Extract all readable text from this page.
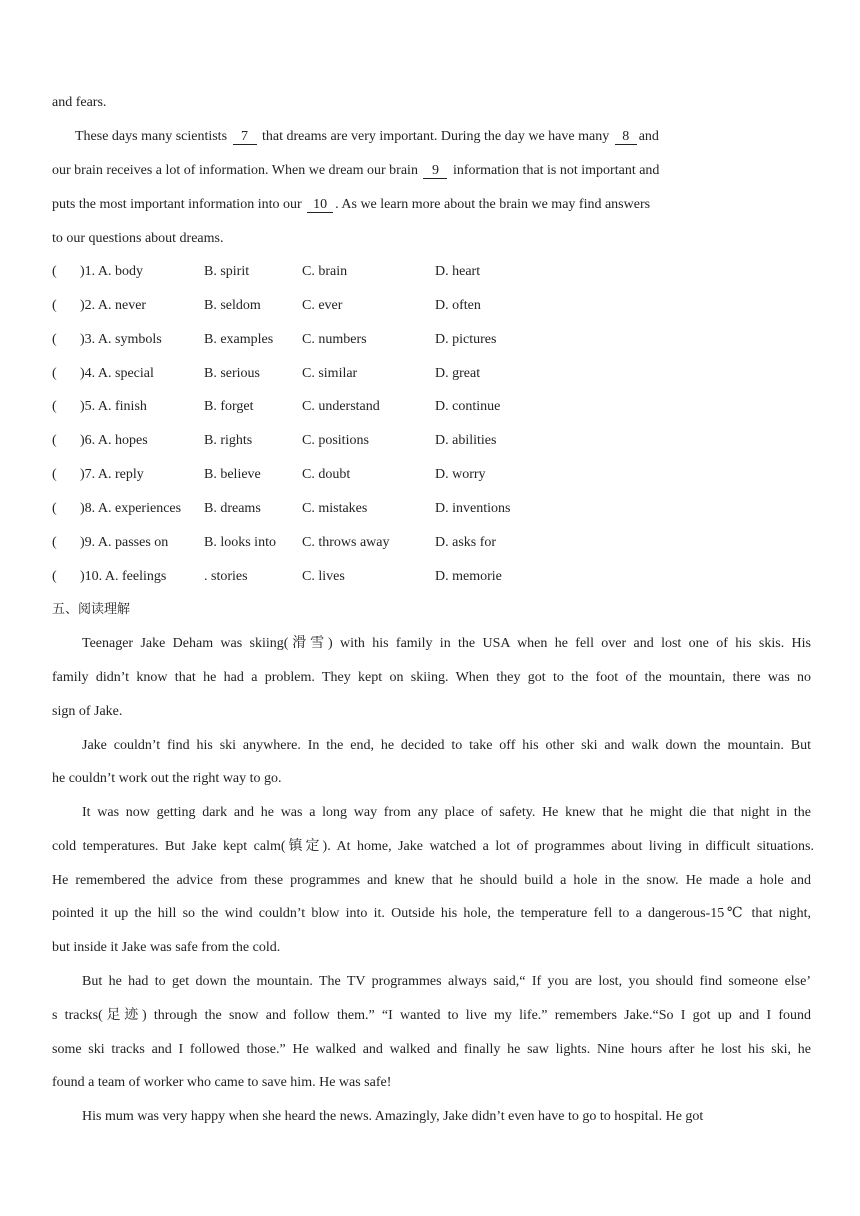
and fears.
These days many scientists 7 that dreams are very important. During the day we have many 8 and
our brain receives a lot of information. When we dream our brain 9 information that is not important and
puts the most important information into our 10 . As we learn more about the brain we may find answers
to our questions about dreams.
( )1. A. body	B. spirit	C. brain	D. heart
( )2. A. never	B. seldom	C. ever	D. often
( )3. A. symbols	B. examples C. numbers	D. pictures
( )4. A. special	B. serious	C. similar	D. great
( )5. A. finish	B. forget	C. understand	D. continue
( )6. A. hopes	B. rights	C. positions	D. abilities
( )7. A. reply	B. believe	C. doubt	D. worry
( )8. A. experiences B. dreams	C. mistakes	D. inventions
( )9. A. passes on	B. looks into C. throws away	D. asks for
( )10. A. feelings	. stories	C. lives	D. memorie
五、阅读理解
Teenager Jake Deham was skiing(滑雪) with his family in the USA when he fell over and lost one of his skis. His
family didn’t know that he had a problem. They kept on skiing. When they got to the foot of the mountain, there was no
sign of Jake.
Jake couldn’t find his ski anywhere. In the end, he decided to take off his other ski and walk down the mountain. But
he couldn’t work out the right way to go.
It was now getting dark and he was a long way from any place of safety. He knew that he might die that night in the
cold temperatures. But Jake kept calm(镇定). At home, Jake watched a lot of programmes about living in difficult situations.
He remembered the advice from these programmes and knew that he should build a hole in the snow. He made a hole and
pointed it up the hill so the wind couldn’t blow into it. Outside his hole, the temperature fell to a dangerous-15℃ that night,
but inside it Jake was safe from the cold.
But he had to get down the mountain. The TV programmes always said,“ If you are lost, you should find someone else’
s tracks(足迹) through the snow and follow them.” “I wanted to live my life.” remembers Jake.“So I got up and I found
some ski tracks and I followed those.” He walked and walked and finally he saw lights. Nine hours after he lost his ski, he
found a team of worker who came to save him. He was safe!
His mum was very happy when she heard the news. Amazingly, Jake didn’t even have to go to hospital. He got
